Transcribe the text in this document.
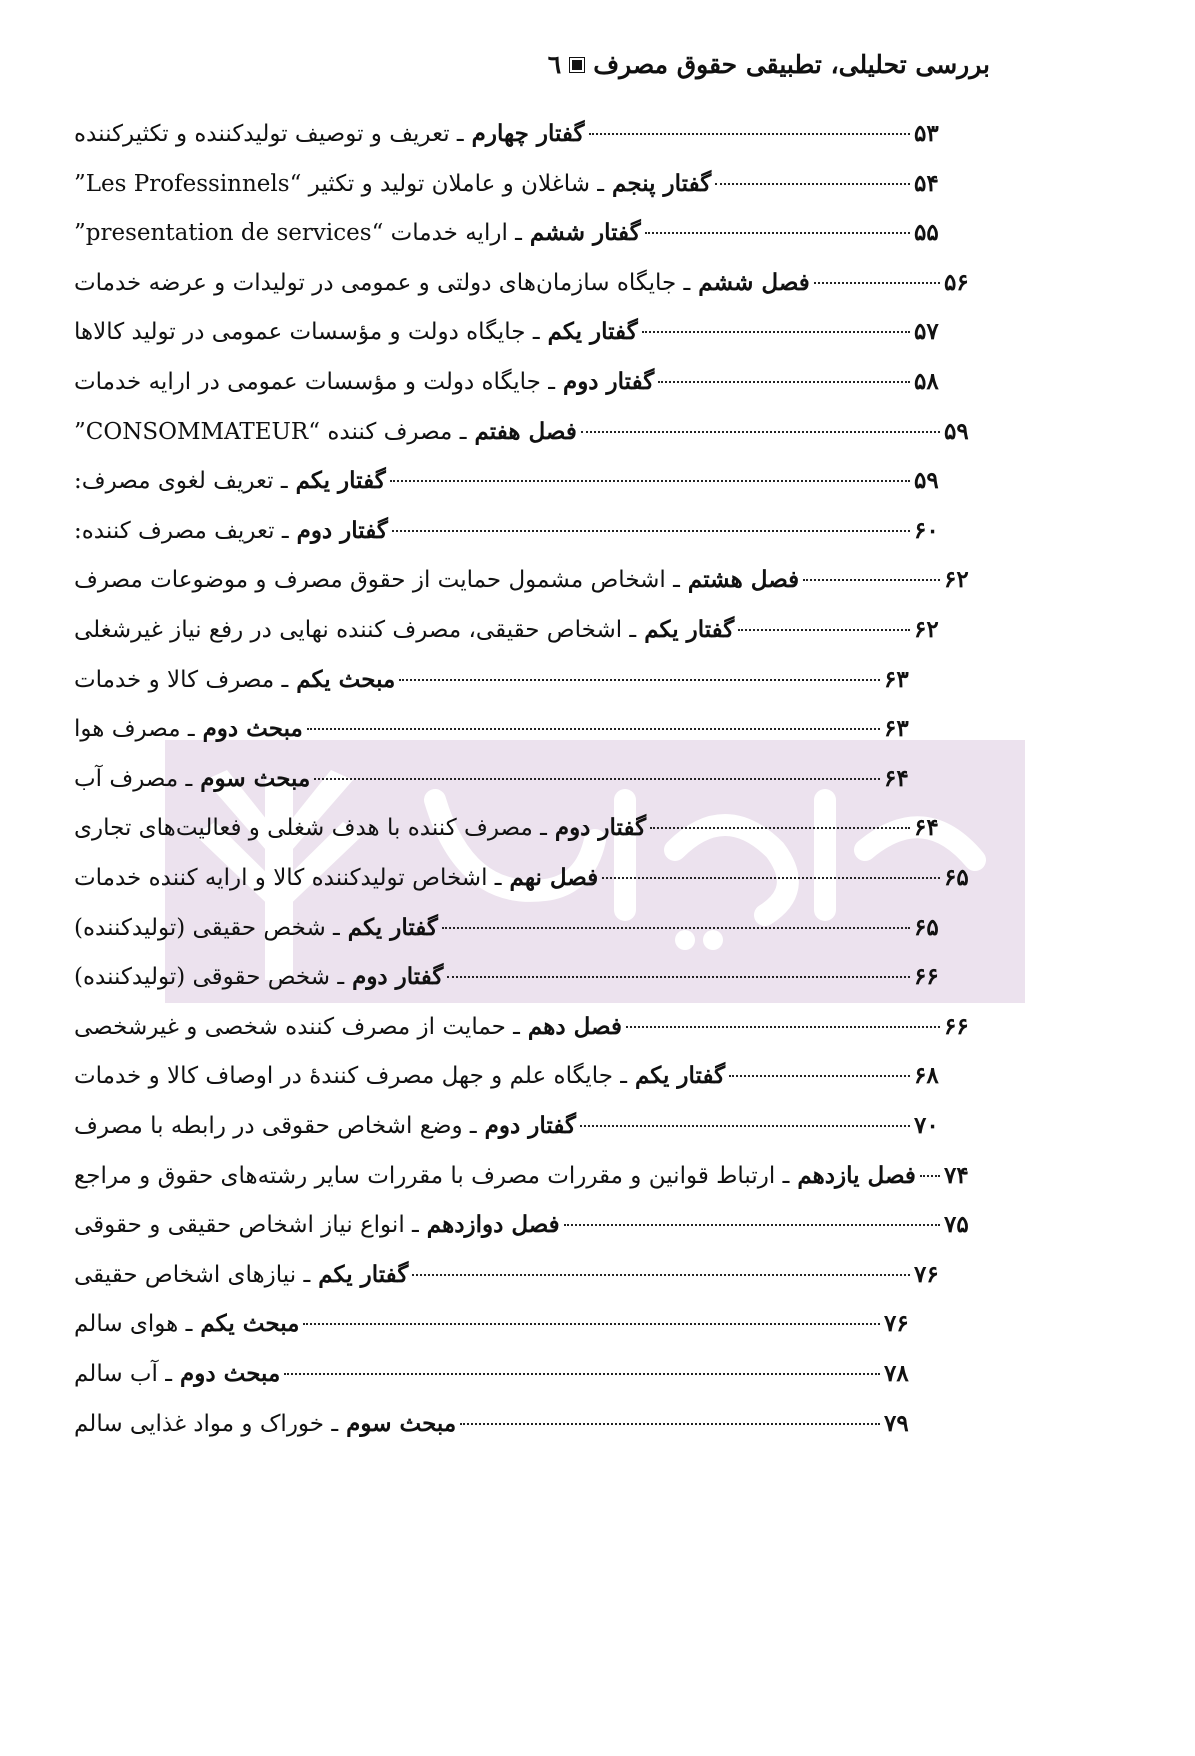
٦ بررسی تحلیلی، تطبیقی حقوق مصرف
گفتار چهارم ـ تعریف و توصیف تولیدکننده و تکثیرکننده	۵۳
گفتار پنجم ـ شاغلان و عاملان تولید و تکثیر “Les Professinnels”	۵۴
گفتار ششم ـ ارایه خدمات “presentation de services”	۵۵
فصل ششم ـ جایگاه سازمان‌های دولتی و عمومی در تولیدات و عرضه خدمات	۵۶
گفتار یکم ـ جایگاه دولت و مؤسسات عمومی در تولید کالاها	۵۷
گفتار دوم ـ جایگاه دولت و مؤسسات عمومی در ارایه خدمات	۵۸
فصل هفتم ـ مصرف کننده “CONSOMMATEUR”	۵۹
گفتار یکم ـ تعریف لغوی مصرف:	۵۹
گفتار دوم ـ تعریف مصرف کننده:	۶۰
فصل هشتم ـ اشخاص مشمول حمایت از حقوق مصرف و موضوعات مصرف	۶۲
گفتار یکم ـ اشخاص حقیقی، مصرف کننده نهایی در رفع نیاز غیرشغلی	۶۲
مبحث یکم ـ مصرف کالا و خدمات	۶۳
مبحث دوم ـ مصرف هوا	۶۳
مبحث سوم ـ مصرف آب	۶۴
گفتار دوم ـ مصرف کننده با هدف شغلی و فعالیت‌های تجاری	۶۴
فصل نهم ـ اشخاص تولیدکننده کالا و ارایه کننده خدمات	۶۵
گفتار یکم ـ شخص حقیقی (تولیدکننده)	۶۵
گفتار دوم ـ شخص حقوقی (تولیدکننده)	۶۶
فصل دهم ـ حمایت از مصرف کننده شخصی و غیرشخصی	۶۶
گفتار یکم ـ جایگاه علم و جهل مصرف کنندهٔ در اوصاف کالا و خدمات	۶۸
گفتار دوم ـ وضع اشخاص حقوقی در رابطه با مصرف	۷۰
فصل یازدهم ـ ارتباط قوانین و مقررات مصرف با مقررات سایر رشته‌های حقوق و مراجع	۷۴
فصل دوازدهم ـ انواع نیاز اشخاص حقیقی و حقوقی	۷۵
گفتار یکم ـ نیازهای اشخاص حقیقی	۷۶
مبحث یکم ـ هوای سالم	۷۶
مبحث دوم ـ آب سالم	۷۸
مبحث سوم ـ خوراک و مواد غذایی سالم	۷۹
